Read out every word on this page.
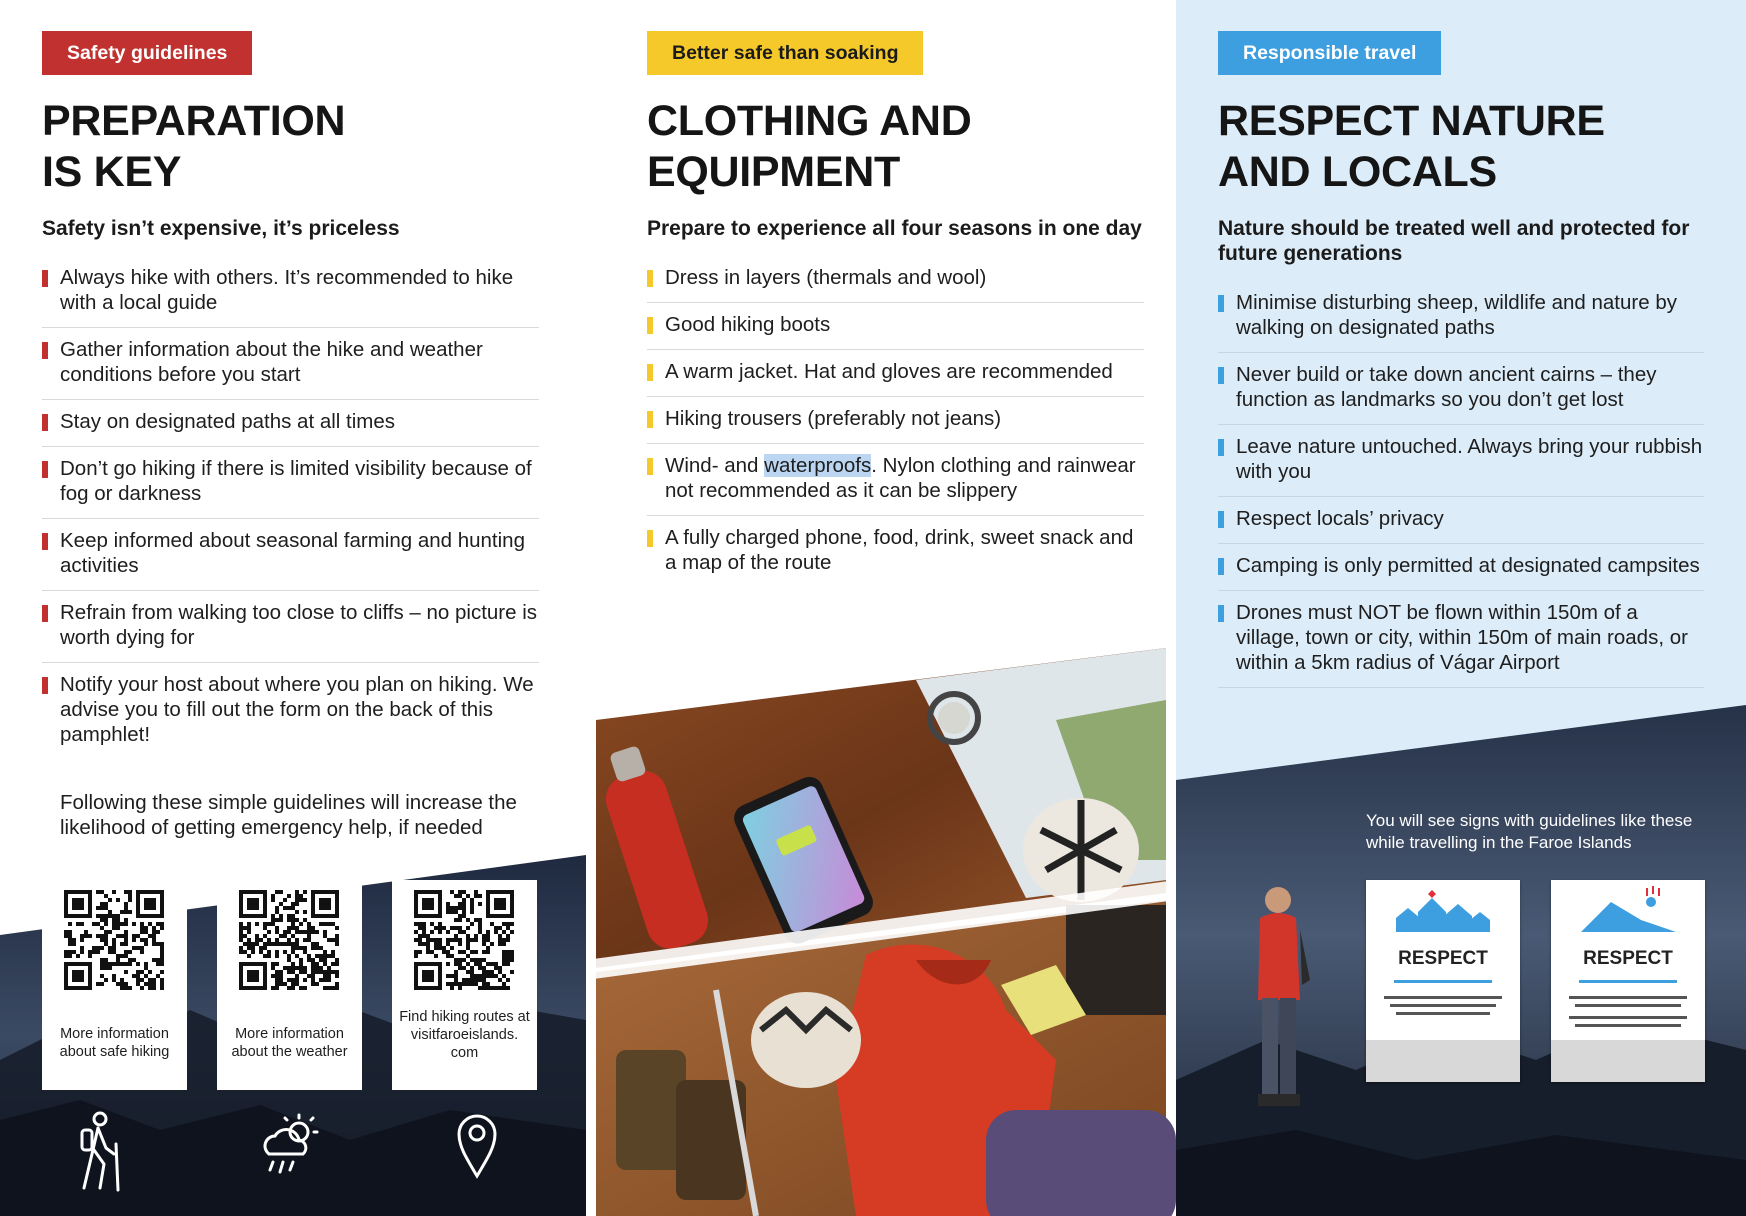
Safety guidelines
PREPARATION
IS KEY

Safety isn’t expensive, it’s priceless

Always hike with others. It’s recommended to hike with a local guide
Gather information about the hike and weather conditions before you start
Stay on designated paths at all times
Don’t go hiking if there is limited visibility because of fog or darkness
Keep informed about seasonal farming and hunting activities
Refrain from walking too close to cliffs – no picture is worth dying for
Notify your host about where you plan on hiking. We advise you to fill out the form on the back of this pamphlet!

Following these simple guidelines will increase the likelihood of getting emergency help, if needed

More information about safe hiking
More information about the weather
Find hiking routes at visitfaroeislands. com
Better safe than soaking
CLOTHING AND
EQUIPMENT

Prepare to experience all four seasons in one day

Dress in layers (thermals and wool)
Good hiking boots
A warm jacket. Hat and gloves are recommended
Hiking trousers (preferably not jeans)
Wind- and waterproofs. Nylon clothing and rainwear not recommended as it can be slippery
A fully charged phone, food, drink, sweet snack and a map of the route
Responsible travel
RESPECT NATURE
AND LOCALS

Nature should be treated well and protected for future generations

Minimise disturbing sheep, wildlife and nature by walking on designated paths
Never build or take down ancient cairns – they function as landmarks so you don’t get lost
Leave nature untouched. Always bring your rubbish with you
Respect locals’ privacy
Camping is only permitted at designated campsites
Drones must NOT be flown within 150m of a village, town or city, within 150m of main roads, or within a 5km radius of Vágar Airport

You will see signs with guidelines like these while travelling in the Faroe Islands

RESPECT	RESPECT
